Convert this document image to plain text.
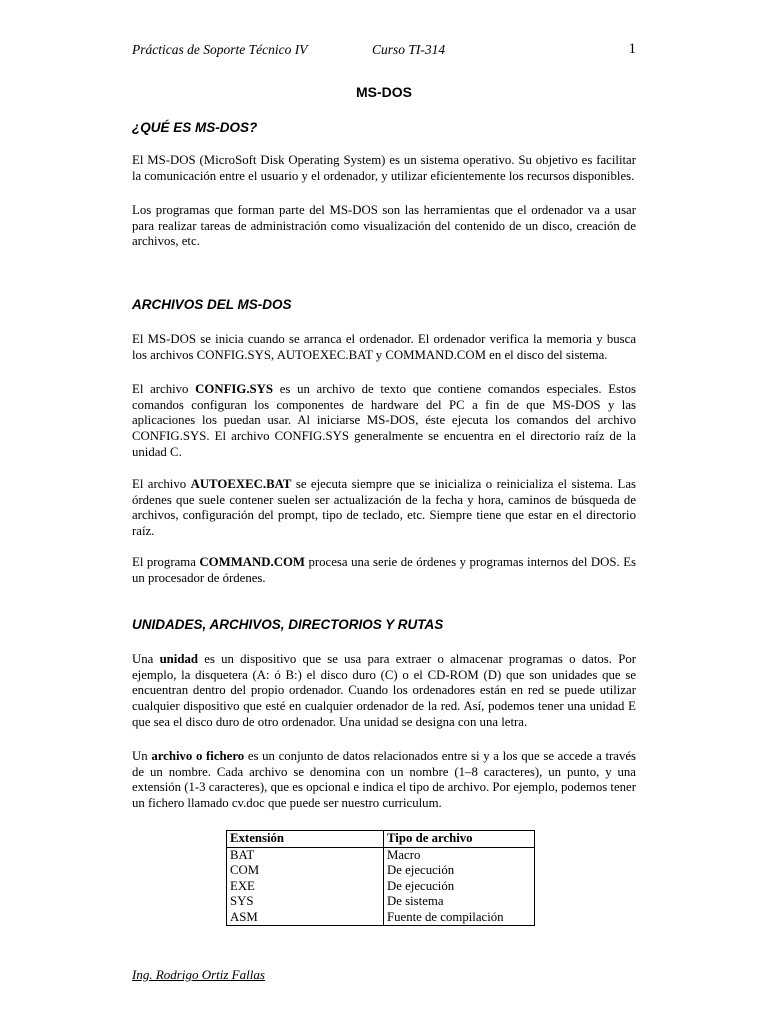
Prácticas de Soporte Técnico IV	Curso TI-314	1
MS-DOS
¿QUÉ ES MS-DOS?

El MS-DOS (MicroSoft Disk Operating System) es un sistema operativo. Su objetivo es facilitar la comunicación entre el usuario y el ordenador, y utilizar eficientemente los recursos disponibles.

Los programas que forman parte del MS-DOS son las herramientas que el ordenador va a usar para realizar tareas de administración como visualización del contenido de un disco, creación de archivos, etc.

ARCHIVOS DEL MS-DOS

El MS-DOS se inicia cuando se arranca el ordenador. El ordenador verifica la memoria y busca los archivos CONFIG.SYS, AUTOEXEC.BAT y COMMAND.COM en el disco del sistema.

El archivo CONFIG.SYS es un archivo de texto que contiene comandos especiales. Estos comandos configuran los componentes de hardware del PC a fin de que MS-DOS y las aplicaciones los puedan usar. Al iniciarse MS-DOS, éste ejecuta los comandos del archivo CONFIG.SYS. El archivo CONFIG.SYS generalmente se encuentra en el directorio raíz de la unidad C.

El archivo AUTOEXEC.BAT se ejecuta siempre que se inicializa o reinicializa el sistema. Las órdenes que suele contener suelen ser actualización de la fecha y hora, caminos de búsqueda de archivos, configuración del prompt, tipo de teclado, etc. Siempre tiene que estar en el directorio raíz.

El programa COMMAND.COM procesa una serie de órdenes y programas internos del DOS. Es un procesador de órdenes.

UNIDADES, ARCHIVOS, DIRECTORIOS Y RUTAS

Una unidad es un dispositivo que se usa para extraer o almacenar programas o datos. Por ejemplo, la disquetera (A: ó B:) el disco duro (C) o el CD-ROM (D) que son unidades que se encuentran dentro del propio ordenador. Cuando los ordenadores están en red se puede utilizar cualquier dispositivo que esté en cualquier ordenador de la red. Así, podemos tener una unidad E que sea el disco duro de otro ordenador. Una unidad se designa con una letra.

Un archivo o fichero es un conjunto de datos relacionados entre si y a los que se accede a través de un nombre. Cada archivo se denomina con un nombre (1–8 caracteres), un punto, y una extensión (1-3 caracteres), que es opcional e indica el tipo de archivo. Por ejemplo, podemos tener un fichero llamado cv.doc que puede ser nuestro curriculum.

Extensión	Tipo de archivo
BAT	Macro
COM	De ejecución
EXE	De ejecución
SYS	De sistema
ASM	Fuente de compilación
Ing. Rodrigo Ortiz Fallas
